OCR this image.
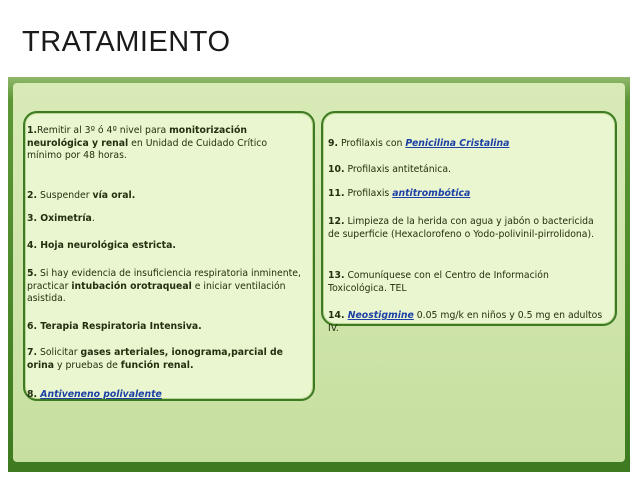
TRATAMIENTO
1.Remitir al 3º ó 4º nivel para monitorización neurológica y renal en Unidad de Cuidado Crítico mínimo por 48 horas.
2. Suspender vía oral.
3. Oximetría.
4. Hoja neurológica estricta.
5. Si hay evidencia de insuficiencia respiratoria inminente, practicar intubación orotraqueal e iniciar ventilación asistida.
6. Terapia Respiratoria Intensiva.
7. Solicitar gases arteriales, ionograma,parcial de orina y pruebas de función renal.
8. Antiveneno polivalente
9. Profilaxis con Penicilina Cristalina
10. Profilaxis antitetánica.
11. Profilaxis antitrombótica
12. Limpieza de la herida con agua y jabón o bactericida de superficie (Hexaclorofeno o Yodo-polivinil-pirrolidona).
13. Comuníquese con el Centro de Información Toxicológica. TEL
14. Neostigmine 0.05 mg/k en niños y 0.5 mg en adultos IV.
